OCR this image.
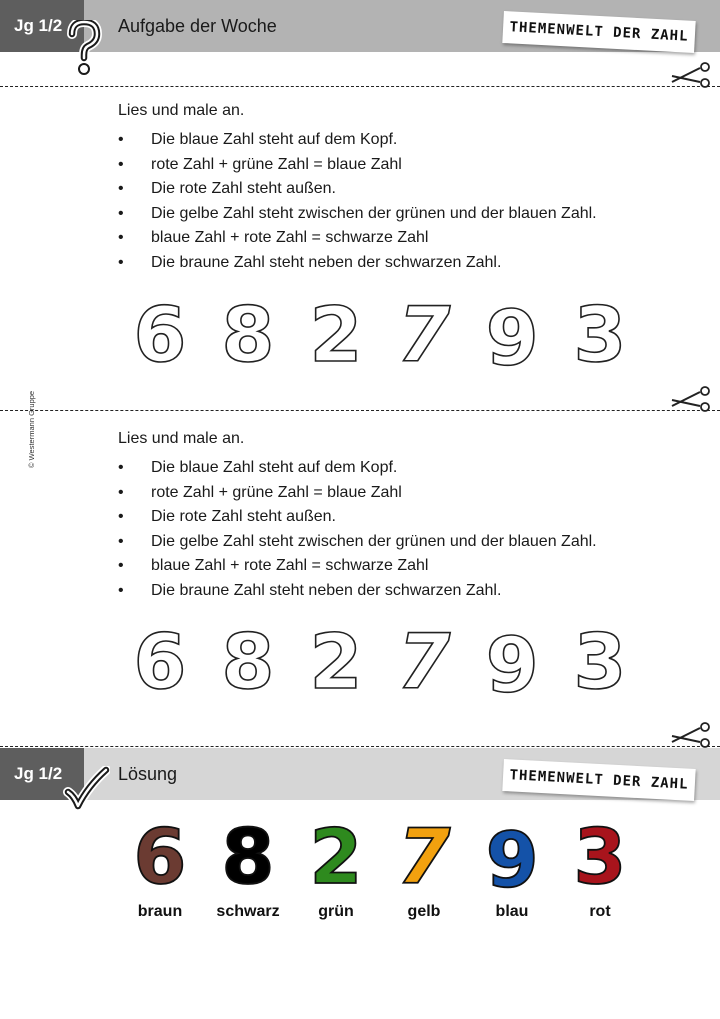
Jg 1/2	Aufgabe der Woche	THEMENWELT DER ZAHL
Lies und male an.
• Die blaue Zahl steht auf dem Kopf.
• rote Zahl + grüne Zahl = blaue Zahl
• Die rote Zahl steht außen.
• Die gelbe Zahl steht zwischen der grünen und der blauen Zahl.
• blaue Zahl + rote Zahl = schwarze Zahl
• Die braune Zahl steht neben der schwarzen Zahl.
6 8 2 7 6 3
© Westermann Gruppe	Lies und male an.
• Die blaue Zahl steht auf dem Kopf.
• rote Zahl + grüne Zahl = blaue Zahl
• Die rote Zahl steht außen.
• Die gelbe Zahl steht zwischen der grünen und der blauen Zahl.
• blaue Zahl + rote Zahl = schwarze Zahl
• Die braune Zahl steht neben der schwarzen Zahl.
6 8 2 7 6 3
Jg 1/2	Lösung	THEMENWELT DER ZAHL
6 8 2 7 6 3
braun	schwarz	grün	gelb	blau	rot
